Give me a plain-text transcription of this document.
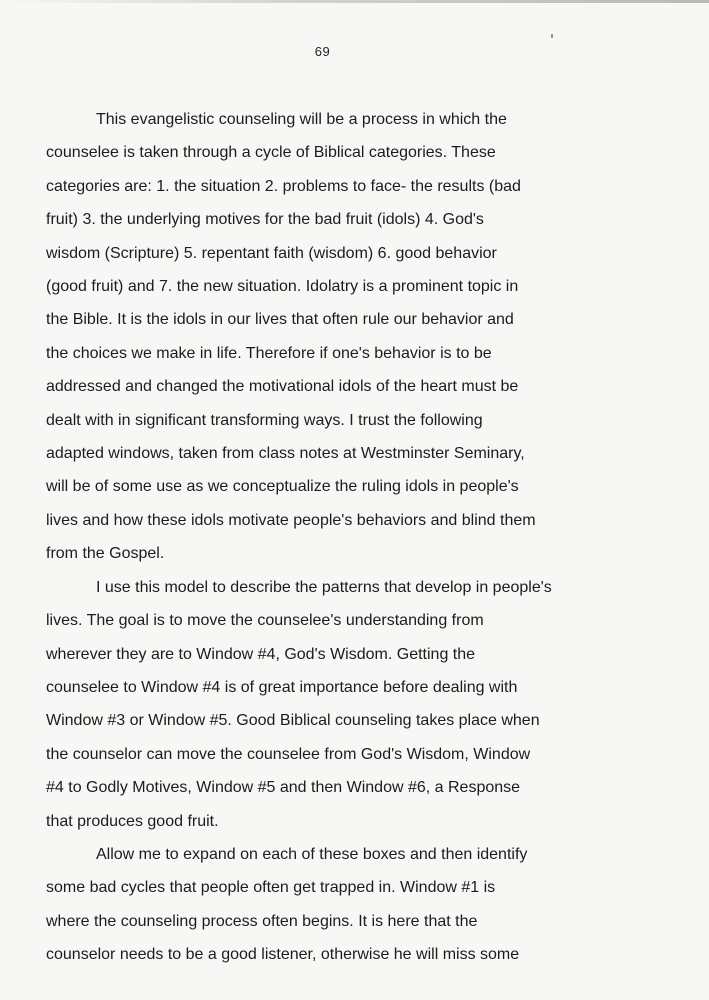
69
This evangelistic counseling will be a process in which the
counselee is taken through a cycle of Biblical categories. These
categories are: 1. the situation 2. problems to face- the results (bad
fruit) 3. the underlying motives for the bad fruit (idols) 4. God's
wisdom (Scripture) 5. repentant faith (wisdom) 6. good behavior
(good fruit) and 7. the new situation. Idolatry is a prominent topic in
the Bible. It is the idols in our lives that often rule our behavior and
the choices we make in life. Therefore if one's behavior is to be
addressed and changed the motivational idols of the heart must be
dealt with in significant transforming ways. I trust the following
adapted windows, taken from class notes at Westminster Seminary,
will be of some use as we conceptualize the ruling idols in people's
lives and how these idols motivate people's behaviors and blind them
from the Gospel.
I use this model to describe the patterns that develop in people's
lives. The goal is to move the counselee's understanding from
wherever they are to Window #4, God's Wisdom. Getting the
counselee to Window #4 is of great importance before dealing with
Window #3 or Window #5. Good Biblical counseling takes place when
the counselor can move the counselee from God's Wisdom, Window
#4 to Godly Motives, Window #5 and then Window #6, a Response
that produces good fruit.
Allow me to expand on each of these boxes and then identify
some bad cycles that people often get trapped in. Window #1 is
where the counseling process often begins. It is here that the
counselor needs to be a good listener, otherwise he will miss some
